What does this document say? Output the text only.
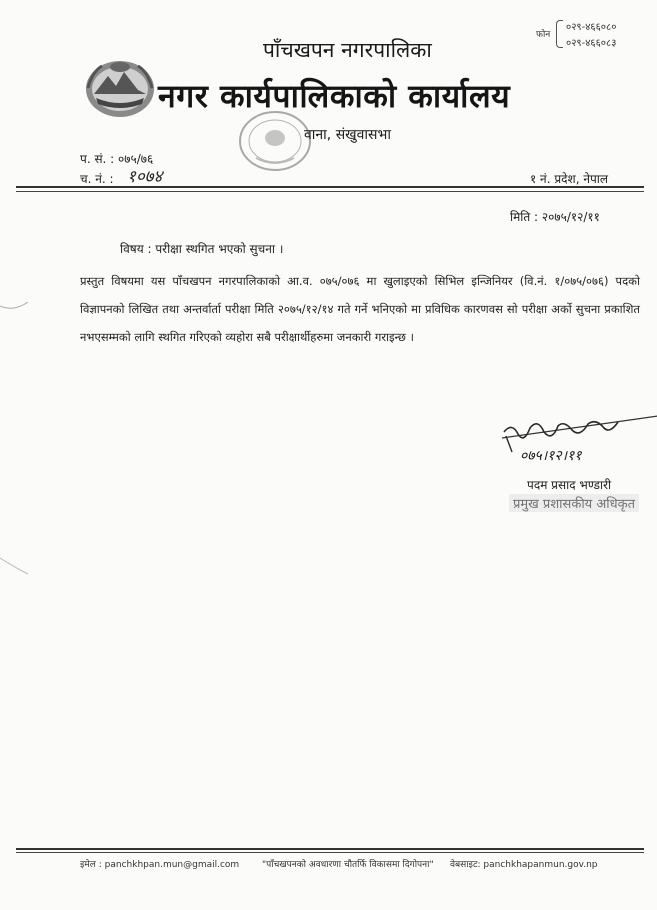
फोन
०२९-४६६०८०
०२९-४६६०८३
पाँचखपन नगरपालिका
नगर कार्यपालिकाको कार्यालय
वाना, संखुवासभा
प. सं. : ०७५/७६
च. नं. : १०७४	१ नं. प्रदेश, नेपाल
मिति : २०७५/१२/११
विषय : परीक्षा स्थगित भएको सुचना ।
प्रस्तुत विषयमा यस पाँचखपन नगरपालिकाको आ.व. ०७५/०७६ मा खुलाइएको सिभिल इन्जिनियर (वि.नं. १/०७५/०७६) पदको विज्ञापनको लिखित तथा अन्तर्वार्ता परीक्षा मिति २०७५/१२/१४ गते गर्ने भनिएको मा प्रविधिक कारणवस सो परीक्षा अर्को सुचना प्रकाशित नभएसम्मको लागि स्थगित गरिएको व्यहोरा सबै परीक्षार्थीहरुमा जनकारी गराइन्छ ।
०७५।१२।११
पदम प्रसाद भण्डारी
प्रमुख प्रशासकीय अधिकृत
इमेल : panchkhpan.mun@gmail.com	"पाँचखपनको अवधारणा चौतर्फि विकासमा दिगोपना" वेबसाइट: panchkhapanmun.gov.np
